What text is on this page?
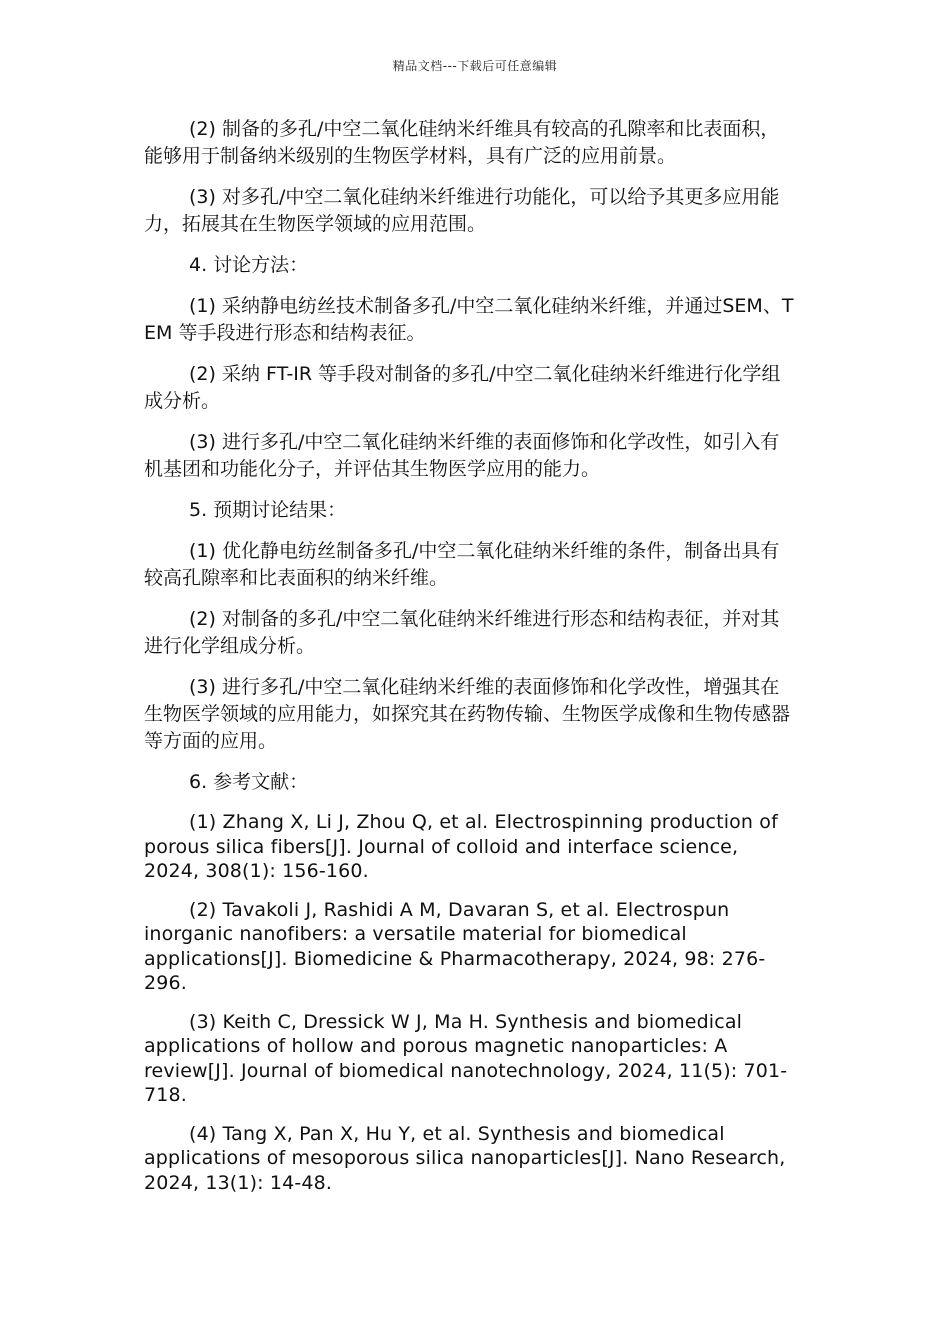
精品文档---下载后可任意编辑

(2) 制备的多孔/中空二氧化硅纳米纤维具有较高的孔隙率和比表面积，能够用于制备纳米级别的生物医学材料，具有广泛的应用前景。

(3) 对多孔/中空二氧化硅纳米纤维进行功能化，可以给予其更多应用能力，拓展其在生物医学领域的应用范围。

4. 讨论方法：

(1) 采纳静电纺丝技术制备多孔/中空二氧化硅纳米纤维，并通过SEM、TEM 等手段进行形态和结构表征。

(2) 采纳 FT-IR 等手段对制备的多孔/中空二氧化硅纳米纤维进行化学组成分析。

(3) 进行多孔/中空二氧化硅纳米纤维的表面修饰和化学改性，如引入有机基团和功能化分子，并评估其生物医学应用的能力。

5. 预期讨论结果：

(1) 优化静电纺丝制备多孔/中空二氧化硅纳米纤维的条件，制备出具有较高孔隙率和比表面积的纳米纤维。

(2) 对制备的多孔/中空二氧化硅纳米纤维进行形态和结构表征，并对其进行化学组成分析。

(3) 进行多孔/中空二氧化硅纳米纤维的表面修饰和化学改性，增强其在生物医学领域的应用能力，如探究其在药物传输、生物医学成像和生物传感器等方面的应用。

6. 参考文献：

(1) Zhang X, Li J, Zhou Q, et al. Electrospinning production of porous silica fibers[J]. Journal of colloid and interface science, 2024, 308(1): 156-160.

(2) Tavakoli J, Rashidi A M, Davaran S, et al. Electrospun inorganic nanofibers: a versatile material for biomedical applications[J]. Biomedicine & Pharmacotherapy, 2024, 98: 276-296.

(3) Keith C, Dressick W J, Ma H. Synthesis and biomedical applications of hollow and porous magnetic nanoparticles: A review[J]. Journal of biomedical nanotechnology, 2024, 11(5): 701-718.

(4) Tang X, Pan X, Hu Y, et al. Synthesis and biomedical applications of mesoporous silica nanoparticles[J]. Nano Research, 2024, 13(1): 14-48.
